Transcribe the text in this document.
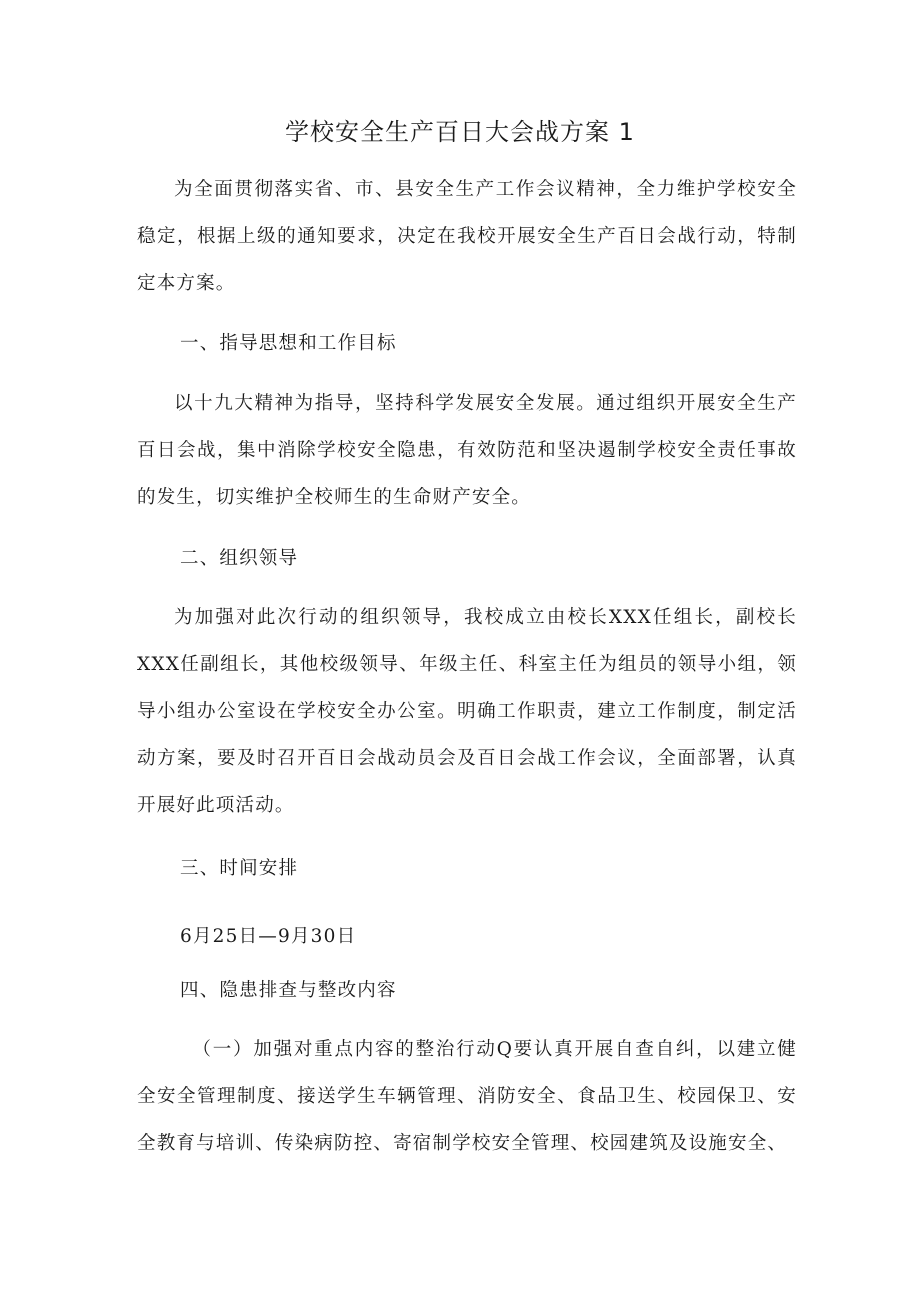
学校安全生产百日大会战方案 1

为全面贯彻落实省、市、县安全生产工作会议精神，全力维护学校安全稳定，根据上级的通知要求，决定在我校开展安全生产百日会战行动，特制定本方案。

一、指导思想和工作目标

以十九大精神为指导，坚持科学发展安全发展。通过组织开展安全生产百日会战，集中消除学校安全隐患，有效防范和坚决遏制学校安全责任事故的发生，切实维护全校师生的生命财产安全。

二、组织领导

为加强对此次行动的组织领导，我校成立由校长XXX任组长，副校长XXX任副组长，其他校级领导、年级主任、科室主任为组员的领导小组，领导小组办公室设在学校安全办公室。明确工作职责，建立工作制度，制定活动方案，要及时召开百日会战动员会及百日会战工作会议，全面部署，认真开展好此项活动。

三、时间安排

6月25日—9月30日

四、隐患排查与整改内容

（一）加强对重点内容的整治行动Q要认真开展自查自纠，以建立健全安全管理制度、接送学生车辆管理、消防安全、食品卫生、校园保卫、安全教育与培训、传染病防控、寄宿制学校安全管理、校园建筑及设施安全、
